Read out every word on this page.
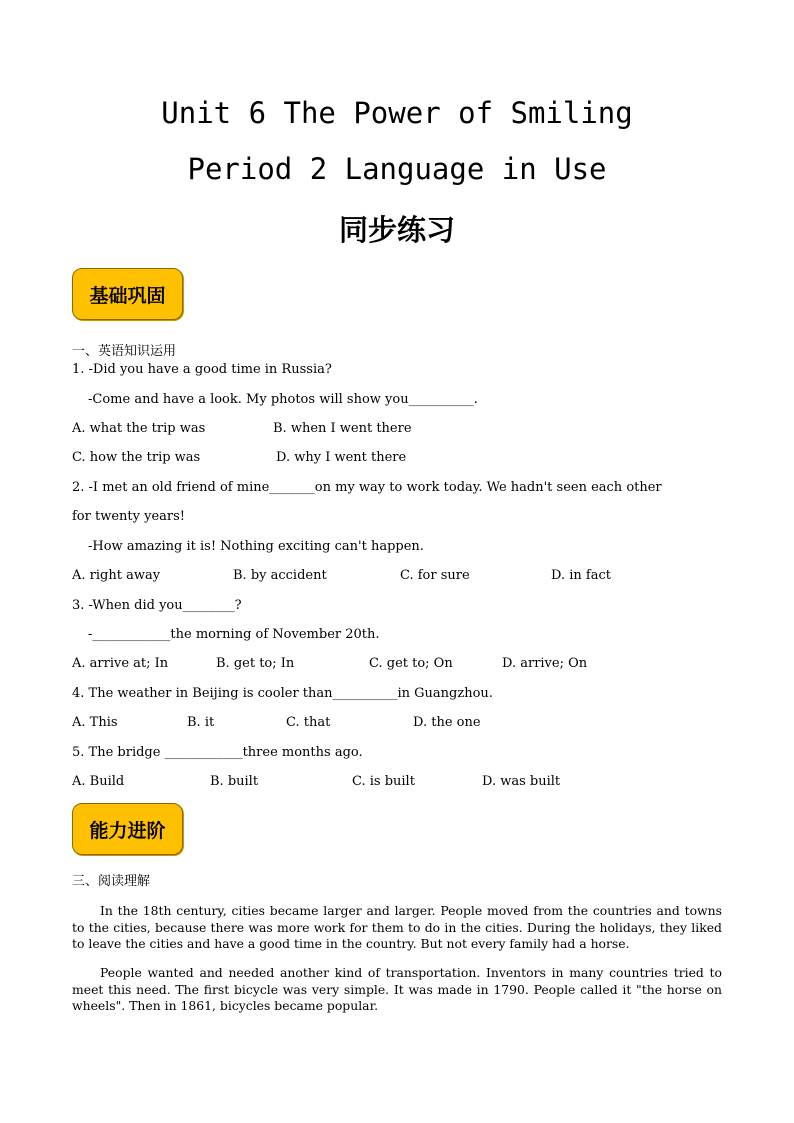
Unit 6 The Power of Smiling
Period 2 Language in Use
同步练习
基础巩固
一、英语知识运用
1. -Did you have a good time in Russia?
-Come and have a look. My photos will show you__________.
A. what the trip was	B. when I went there
C. how the trip was	D. why I went there
2. -I met an old friend of mine_______on my way to work today. We hadn't seen each other
for twenty years!
-How amazing it is! Nothing exciting can't happen.
A. right away	B. by accident	C. for sure	D. in fact
3. -When did you________?
-____________the morning of November 20th.
A. arrive at; In	B. get to; In	C. get to; On	D. arrive; On
4. The weather in Beijing is cooler than__________in Guangzhou.
A. This	B. it	C. that	D. the one
5. The bridge ____________three months ago.
A. Build	B. built	C. is built	D. was built
能力进阶
三、阅读理解
In the 18th century, cities became larger and larger. People moved from the countries and towns to the cities, because there was more work for them to do in the cities. During the holidays, they liked to leave the cities and have a good time in the country. But not every family had a horse.
People wanted and needed another kind of transportation. Inventors in many countries tried to meet this need. The first bicycle was very simple. It was made in 1790. People called it "the horse on wheels". Then in 1861, bicycles became popular.
